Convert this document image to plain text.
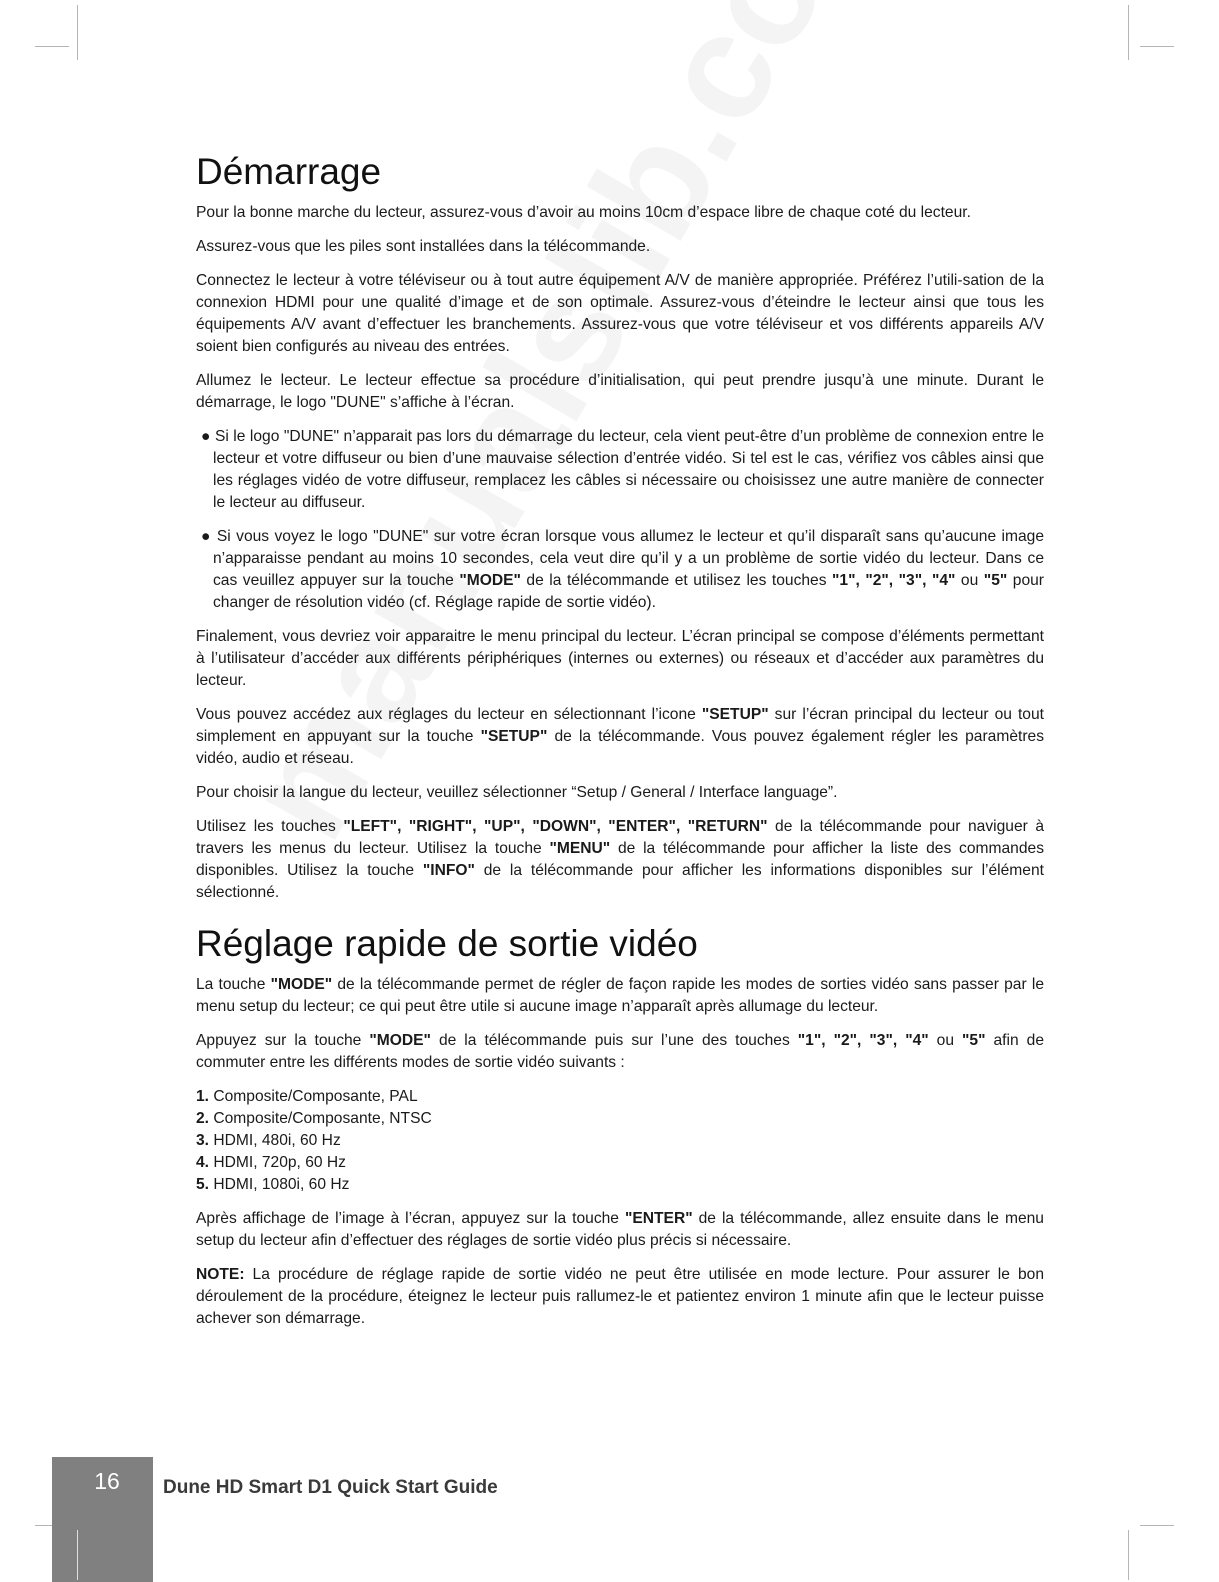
Démarrage

Pour la bonne marche du lecteur, assurez-vous d’avoir au moins 10cm d’espace libre de chaque coté du lecteur.

Assurez-vous que les piles sont installées dans la télécommande.

Connectez le lecteur à votre téléviseur ou à tout autre équipement A/V de manière appropriée. Préférez l’utili-sation de la connexion HDMI pour une qualité d’image et de son optimale. Assurez-vous d’éteindre le lecteur ainsi que tous les équipements A/V avant d’effectuer les branchements. Assurez-vous que votre téléviseur et vos différents appareils A/V soient bien configurés au niveau des entrées.

Allumez le lecteur. Le lecteur effectue sa procédure d’initialisation, qui peut prendre jusqu’à une minute. Durant le démarrage, le logo "DUNE" s’affiche à l’écran.

● Si le logo "DUNE" n’apparait pas lors du démarrage du lecteur, cela vient peut-être d’un problème de connexion entre le lecteur et votre diffuseur ou bien d’une mauvaise sélection d’entrée vidéo. Si tel est le cas, vérifiez vos câbles ainsi que les réglages vidéo de votre diffuseur, remplacez les câbles si nécessaire ou choisissez une autre manière de connecter le lecteur au diffuseur.

● Si vous voyez le logo "DUNE" sur votre écran lorsque vous allumez le lecteur et qu’il disparaît sans qu’aucune image n’apparaisse pendant au moins 10 secondes, cela veut dire qu’il y a un problème de sortie vidéo du lecteur. Dans ce cas veuillez appuyer sur la touche "MODE" de la télécommande et utilisez les touches "1", "2", "3", "4" ou "5" pour changer de résolution vidéo (cf. Réglage rapide de sortie vidéo).

Finalement, vous devriez voir apparaitre le menu principal du lecteur. L’écran principal se compose d’éléments permettant à l’utilisateur d’accéder aux différents périphériques (internes ou externes) ou réseaux et d’accéder aux paramètres du lecteur.

Vous pouvez accédez aux réglages du lecteur en sélectionnant l’icone "SETUP" sur l’écran principal du lecteur ou tout simplement en appuyant sur la touche "SETUP" de la télécommande. Vous pouvez également régler les paramètres vidéo, audio et réseau.

Pour choisir la langue du lecteur, veuillez sélectionner “Setup / General / Interface language”.

Utilisez les touches "LEFT", "RIGHT", "UP", "DOWN", "ENTER", "RETURN" de la télécommande pour naviguer à travers les menus du lecteur. Utilisez la touche "MENU" de la télécommande pour afficher la liste des commandes disponibles. Utilisez la touche "INFO" de la télécommande pour afficher les informations disponibles sur l’élément sélectionné.

Réglage rapide de sortie vidéo

La touche "MODE" de la télécommande permet de régler de façon rapide les modes de sorties vidéo sans passer par le menu setup du lecteur; ce qui peut être utile si aucune image n’apparaît après allumage du lecteur.

Appuyez sur la touche "MODE" de la télécommande puis sur l’une des touches "1", "2", "3", "4" ou "5" afin de commuter entre les différents modes de sortie vidéo suivants :

1. Composite/Composante, PAL
2. Composite/Composante, NTSC
3. HDMI, 480i, 60 Hz
4. HDMI, 720p, 60 Hz
5. HDMI, 1080i, 60 Hz

Après affichage de l’image à l’écran, appuyez sur la touche "ENTER" de la télécommande, allez ensuite dans le menu setup du lecteur afin d’effectuer des réglages de sortie vidéo plus précis si nécessaire.

NOTE: La procédure de réglage rapide de sortie vidéo ne peut être utilisée en mode lecture. Pour assurer le bon déroulement de la procédure, éteignez le lecteur puis rallumez-le et patientez environ 1 minute afin que le lecteur puisse achever son démarrage.

16	Dune HD Smart D1 Quick Start Guide
